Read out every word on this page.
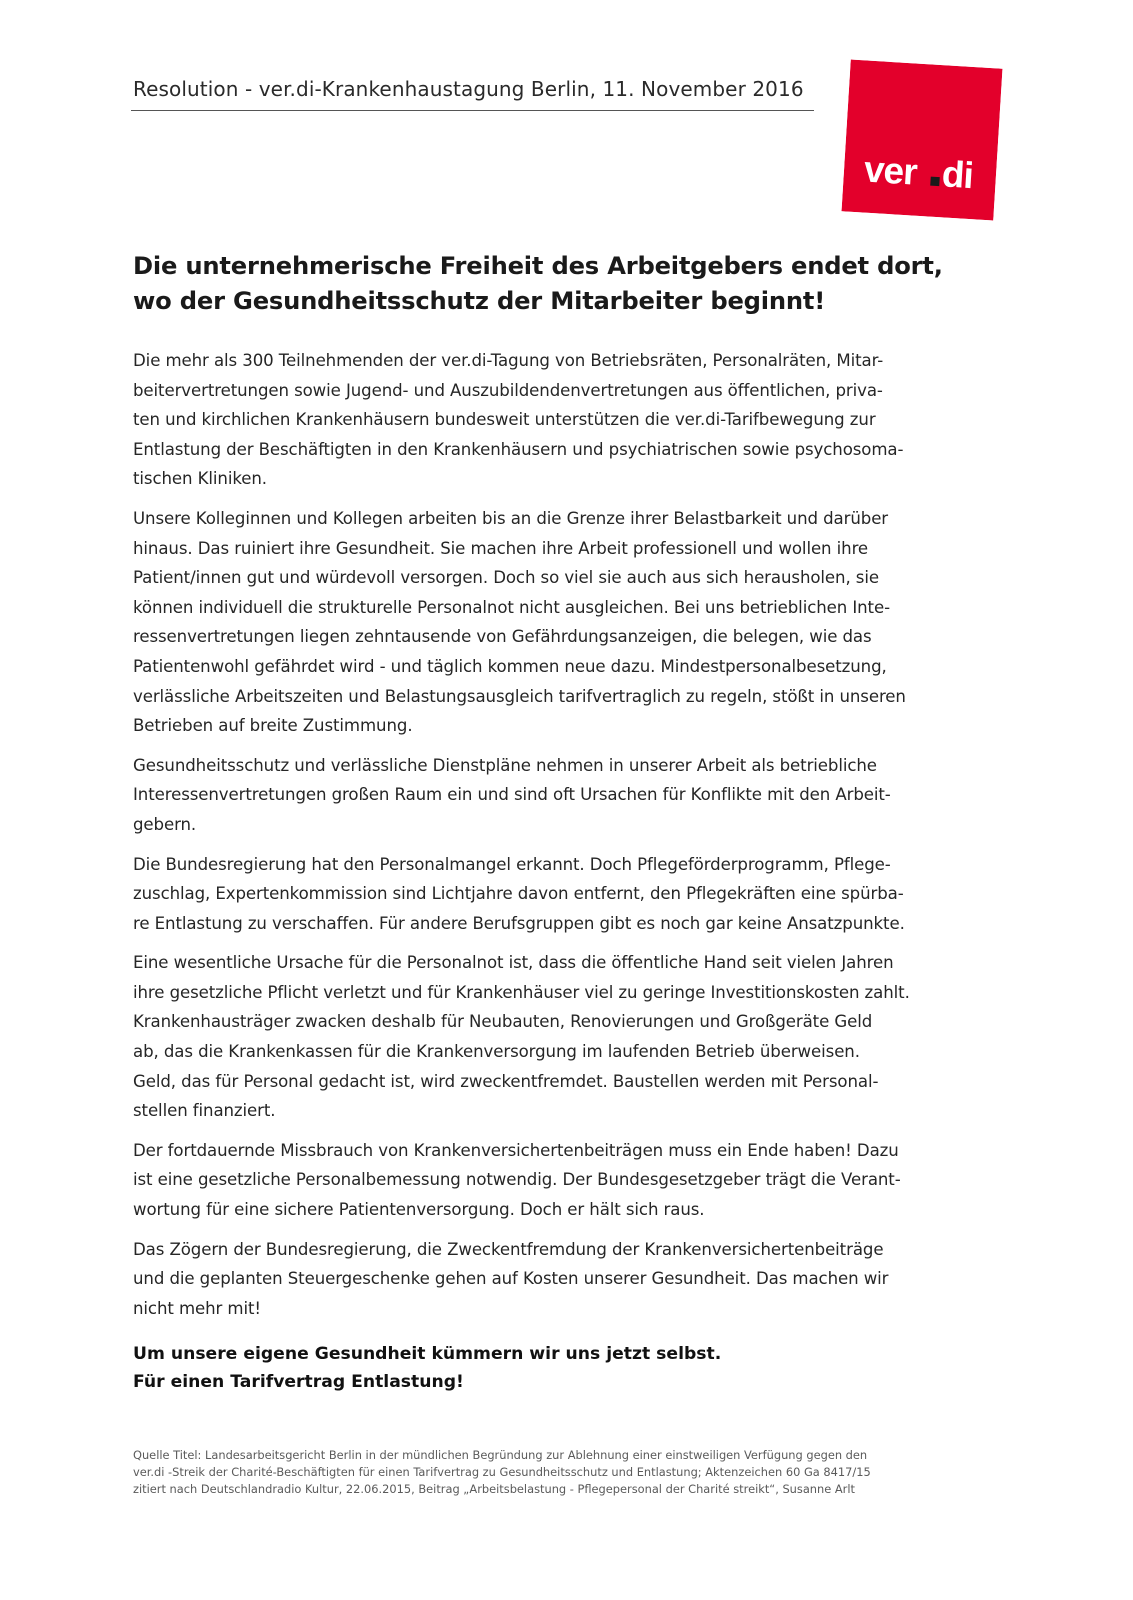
Resolution - ver.di-Krankenhaustagung Berlin, 11. November 2016
ver di
Die unternehmerische Freiheit des Arbeitgebers endet dort,
wo der Gesundheitsschutz der Mitarbeiter beginnt!

Die mehr als 300 Teilnehmenden der ver.di-Tagung von Betriebsräten, Personalräten, Mitar-
beitervertretungen sowie Jugend- und Auszubildendenvertretungen aus öffentlichen, priva-
ten und kirchlichen Krankenhäusern bundesweit unterstützen die ver.di-Tarifbewegung zur
Entlastung der Beschäftigten in den Krankenhäusern und psychiatrischen sowie psychosoma-
tischen Kliniken.

Unsere Kolleginnen und Kollegen arbeiten bis an die Grenze ihrer Belastbarkeit und darüber
hinaus. Das ruiniert ihre Gesundheit. Sie machen ihre Arbeit professionell und wollen ihre
Patient/innen gut und würdevoll versorgen. Doch so viel sie auch aus sich herausholen, sie
können individuell die strukturelle Personalnot nicht ausgleichen. Bei uns betrieblichen Inte-
ressenvertretungen liegen zehntausende von Gefährdungsanzeigen, die belegen, wie das
Patientenwohl gefährdet wird - und täglich kommen neue dazu. Mindestpersonalbesetzung,
verlässliche Arbeitszeiten und Belastungsausgleich tarifvertraglich zu regeln, stößt in unseren
Betrieben auf breite Zustimmung.

Gesundheitsschutz und verlässliche Dienstpläne nehmen in unserer Arbeit als betriebliche
Interessenvertretungen großen Raum ein und sind oft Ursachen für Konflikte mit den Arbeit-
gebern.

Die Bundesregierung hat den Personalmangel erkannt. Doch Pflegeförderprogramm, Pflege-
zuschlag, Expertenkommission sind Lichtjahre davon entfernt, den Pflegekräften eine spürba-
re Entlastung zu verschaffen. Für andere Berufsgruppen gibt es noch gar keine Ansatzpunkte.

Eine wesentliche Ursache für die Personalnot ist, dass die öffentliche Hand seit vielen Jahren
ihre gesetzliche Pflicht verletzt und für Krankenhäuser viel zu geringe Investitionskosten zahlt.
Krankenhausträger zwacken deshalb für Neubauten, Renovierungen und Großgeräte Geld
ab, das die Krankenkassen für die Krankenversorgung im laufenden Betrieb überweisen.
Geld, das für Personal gedacht ist, wird zweckentfremdet. Baustellen werden mit Personal-
stellen finanziert.

Der fortdauernde Missbrauch von Krankenversichertenbeiträgen muss ein Ende haben! Dazu
ist eine gesetzliche Personalbemessung notwendig. Der Bundesgesetzgeber trägt die Verant-
wortung für eine sichere Patientenversorgung. Doch er hält sich raus.

Das Zögern der Bundesregierung, die Zweckentfremdung der Krankenversichertenbeiträge
und die geplanten Steuergeschenke gehen auf Kosten unserer Gesundheit. Das machen wir
nicht mehr mit!

Um unsere eigene Gesundheit kümmern wir uns jetzt selbst.
Für einen Tarifvertrag Entlastung!
Quelle Titel: Landesarbeitsgericht Berlin in der mündlichen Begründung zur Ablehnung einer einstweiligen Verfügung gegen den
ver.di -Streik der Charité-Beschäftigten für einen Tarifvertrag zu Gesundheitsschutz und Entlastung; Aktenzeichen 60 Ga 8417/15
zitiert nach Deutschlandradio Kultur, 22.06.2015, Beitrag „Arbeitsbelastung - Pflegepersonal der Charité streikt“, Susanne Arlt
